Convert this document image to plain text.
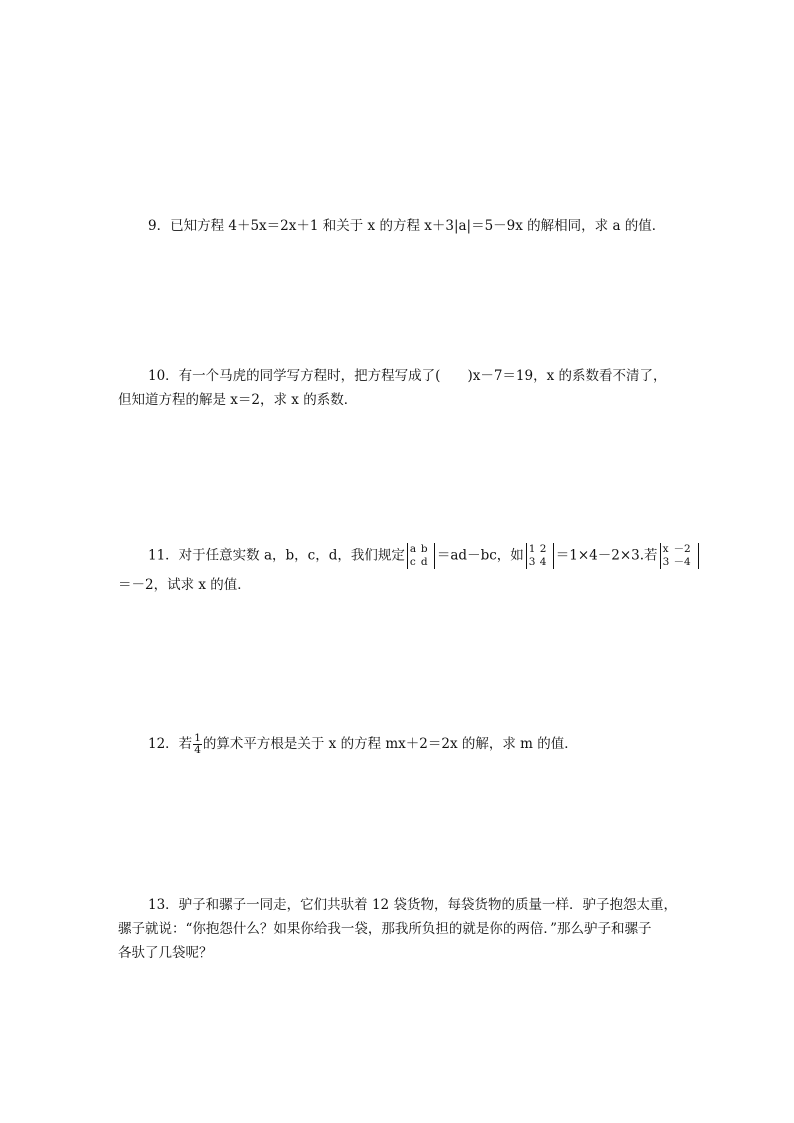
9．已知方程 4＋5x＝2x＋1 和关于 x 的方程 x＋3|a|＝5－9x 的解相同，求 a 的值．
10．有一个马虎的同学写方程时，把方程写成了(　　)x－7＝19，x 的系数看不清了，
但知道方程的解是 x＝2，求 x 的系数．
11．对于任意实数 a，b，c，d，我们规定 a b
c d ＝ad－bc，如 1 2
3 4 ＝1×4－2×3.若 x －2
3 －4
＝－2，试求 x 的值．
12．若 $\frac{1}{4}$ 的算术平方根是关于 x 的方程 mx＋2＝2x 的解，求 m 的值．
13．驴子和骡子一同走，它们共驮着 12 袋货物，每袋货物的质量一样．驴子抱怨太重，
骡子就说：“你抱怨什么？如果你给我一袋，那我所负担的就是你的两倍．”那么驴子和骡子
各驮了几袋呢？
